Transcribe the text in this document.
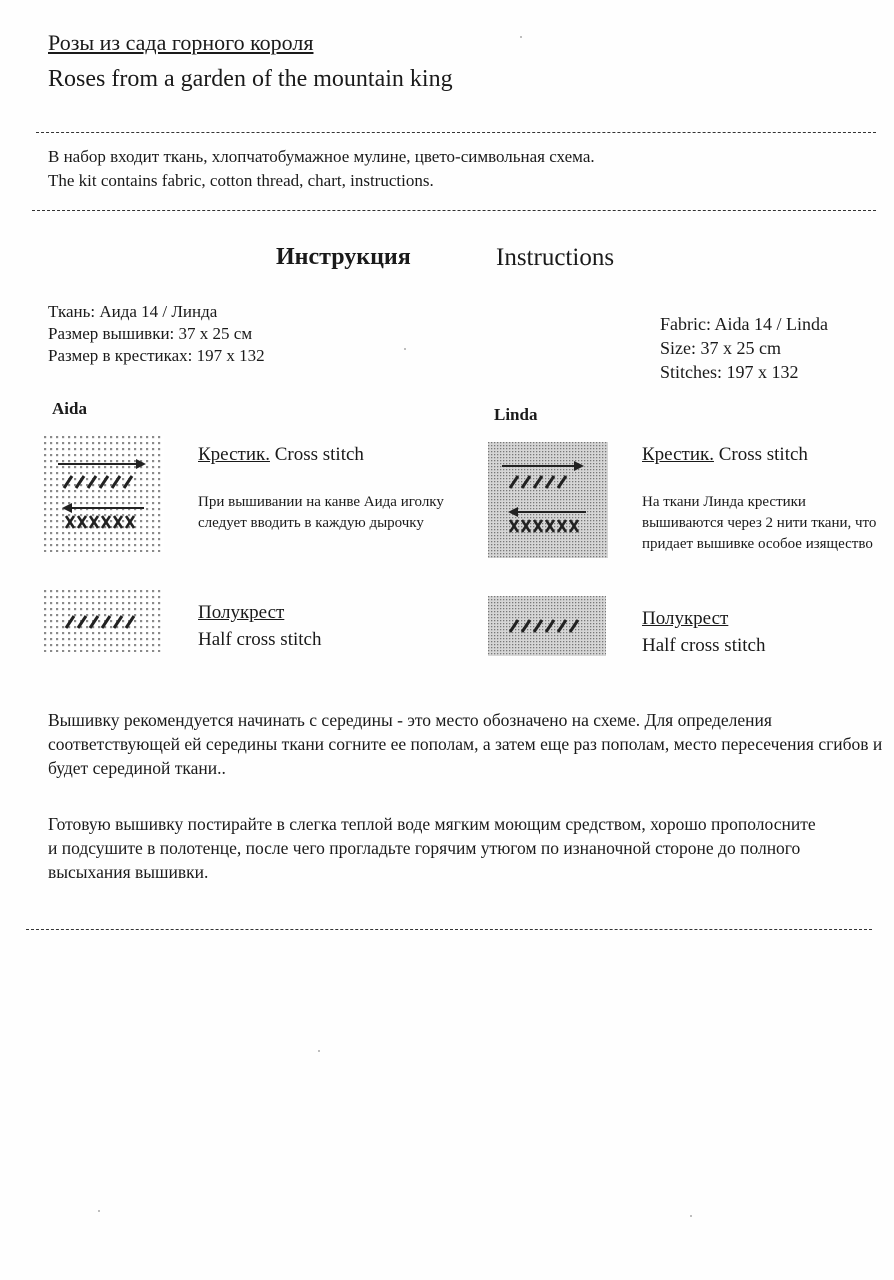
Розы из сада горного короля
Roses from a garden of the mountain king
В набор входит ткань, хлопчатобумажное мулине, цвето-символьная схема.
The kit contains fabric, cotton thread, chart, instructions.
Инструкция	Instructions
Ткань: Аида 14 / Линда
Размер вышивки: 37 х 25 см
Размер в крестиках: 197 х 132
Fabric: Aida 14 / Linda
Size: 37 x 25 cm
Stitches: 197 x 132
Aida
Крестик. Cross stitch
При вышивании на канве Аида иголку следует вводить в каждую дырочку
Полукрест
Half cross stitch
Linda
Крестик. Cross stitch
На ткани Линда крестики вышиваются через 2 нити ткани, что придает вышивке особое изящество
Полукрест
Half cross stitch
Вышивку рекомендуется начинать с середины - это место обозначено на схеме. Для определения соответствующей ей середины ткани согните ее пополам, а затем еще раз пополам, место пересечения сгибов и будет серединой ткани..
Готовую вышивку постирайте в слегка теплой воде мягким моющим средством, хорошо прополосните и подсушите в полотенце, после чего прогладьте горячим утюгом по изнаночной стороне до полного высыхания вышивки.
